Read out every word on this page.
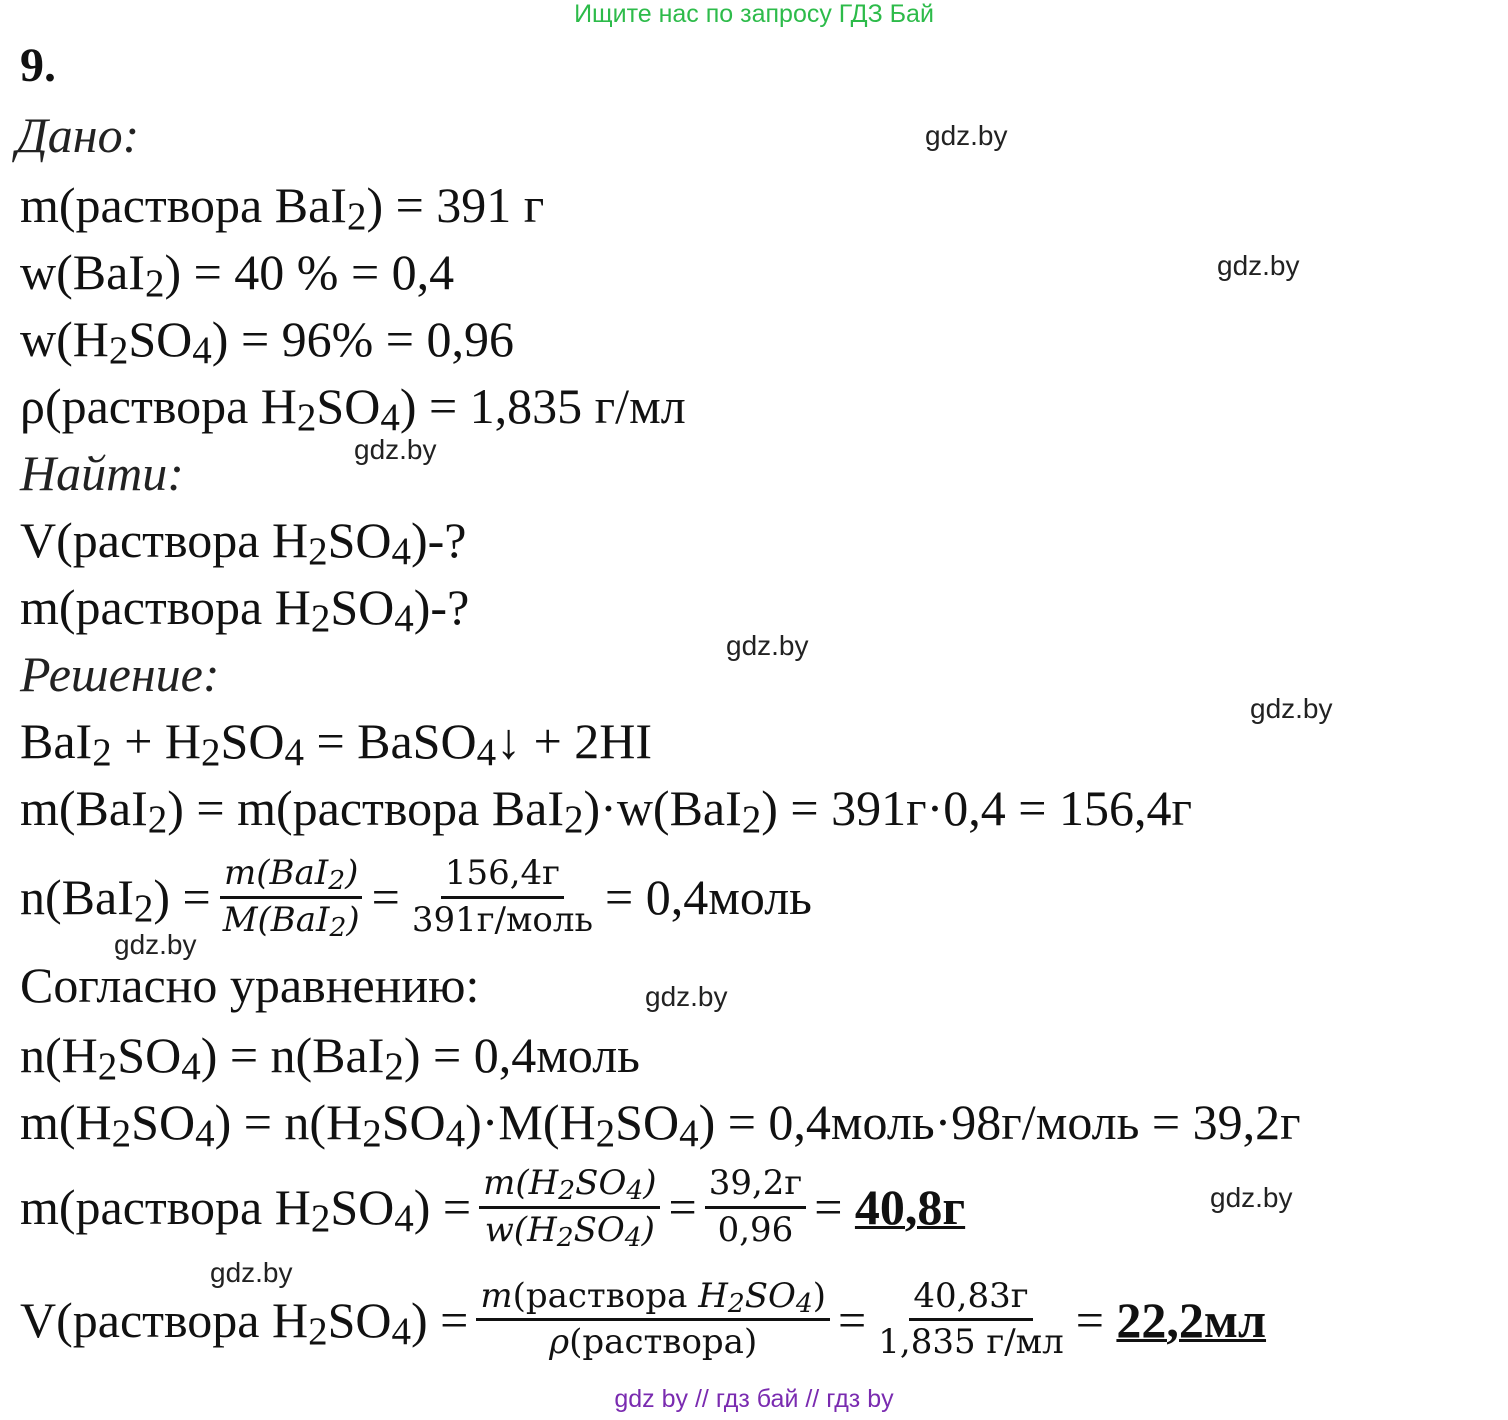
Ищите нас по запросу ГДЗ Бай
9.
Дано:
m(раствора BaI$_2$) = 391 г
w(BaI$_2$) = 40 % = 0,4
$w(H_2SO_4) = 96\% = 0,96$
ρ(раствора $H_2SO_4) = 1,835$ г/мл
Найти:
V(раствора $H_2SO_4)-$?
m(раствора $H_2SO_4)-$?
Решение:
$BaI_2 + H_2SO_4$ = BaSO$_4$↓ + 2HI
m(BaI$_2$) = m(раствора BaI$_2$)·w(BaI$_2$) = 391г·0,4 = 156,4г
$n(BaI_2) = \frac{m(BaI_2)}{M(BaI_2)} = \frac{156,4г}{\text{391г/моль}}$ = 0,4моль
Согласно уравнению:
$n(H_2SO_4) = n(BaI_2)$ = 0,4моль
$m(H_2SO_4) = n(H_2SO_4)\cdot M(H_2SO_4)$ = 0,4моль·98г/моль = 39,2г
m(раствора $H_2SO_4) = \frac{m(H_2SO_4)}{w(H_2SO_4)} = \frac{39,2г}{0,96}$ =
40,8г
V(раствора $H_2SO_4) = \frac{m(раствора H_2SO_4)}{\text{ρ(раствора)}} = \frac{40,83г}{1,835 г/мл}$ =
22,2мл
gdz.by
gdz.by
gdz.by
gdz.by
gdz.by
gdz.by
gdz.by
gdz.by
gdz.by
gdz by // гдз бай // гдз by
